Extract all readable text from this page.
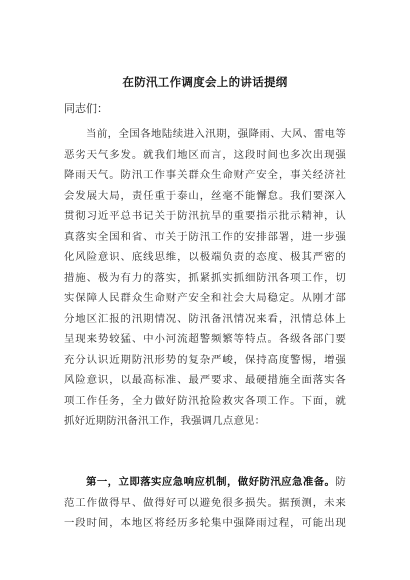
在防汛工作调度会上的讲话提纲
同志们：
当前，全国各地陆续进入汛期，强降雨、大风、雷电等
恶劣天气多发。就我们地区而言，这段时间也多次出现强
降雨天气。防汛工作事关群众生命财产安全，事关经济社
会发展大局，责任重于泰山，丝毫不能懈怠。我们要深入
贯彻习近平总书记关于防汛抗旱的重要指示批示精神，认
真落实全国和省、市关于防汛工作的安排部署，进一步强
化风险意识、底线思维，以极端负责的态度、极其严密的
措施、极为有力的落实，抓紧抓实抓细防汛各项工作，切
实保障人民群众生命财产安全和社会大局稳定。从刚才部
分地区汇报的汛期情况、防汛备汛情况来看，汛情总体上
呈现来势较猛、中小河流超警频繁等特点。各级各部门要
充分认识近期防汛形势的复杂严峻，保持高度警惕，增强
风险意识，以最高标准、最严要求、最硬措施全面落实各
项工作任务，全力做好防汛抢险救灾各项工作。下面，就
抓好近期防汛备汛工作，我强调几点意见：
第一，立即落实应急响应机制，做好防汛应急准备。防
范工作做得早、做得好可以避免很多损失。据预测，未来
一段时间，本地区将经历多轮集中强降雨过程，可能出现
